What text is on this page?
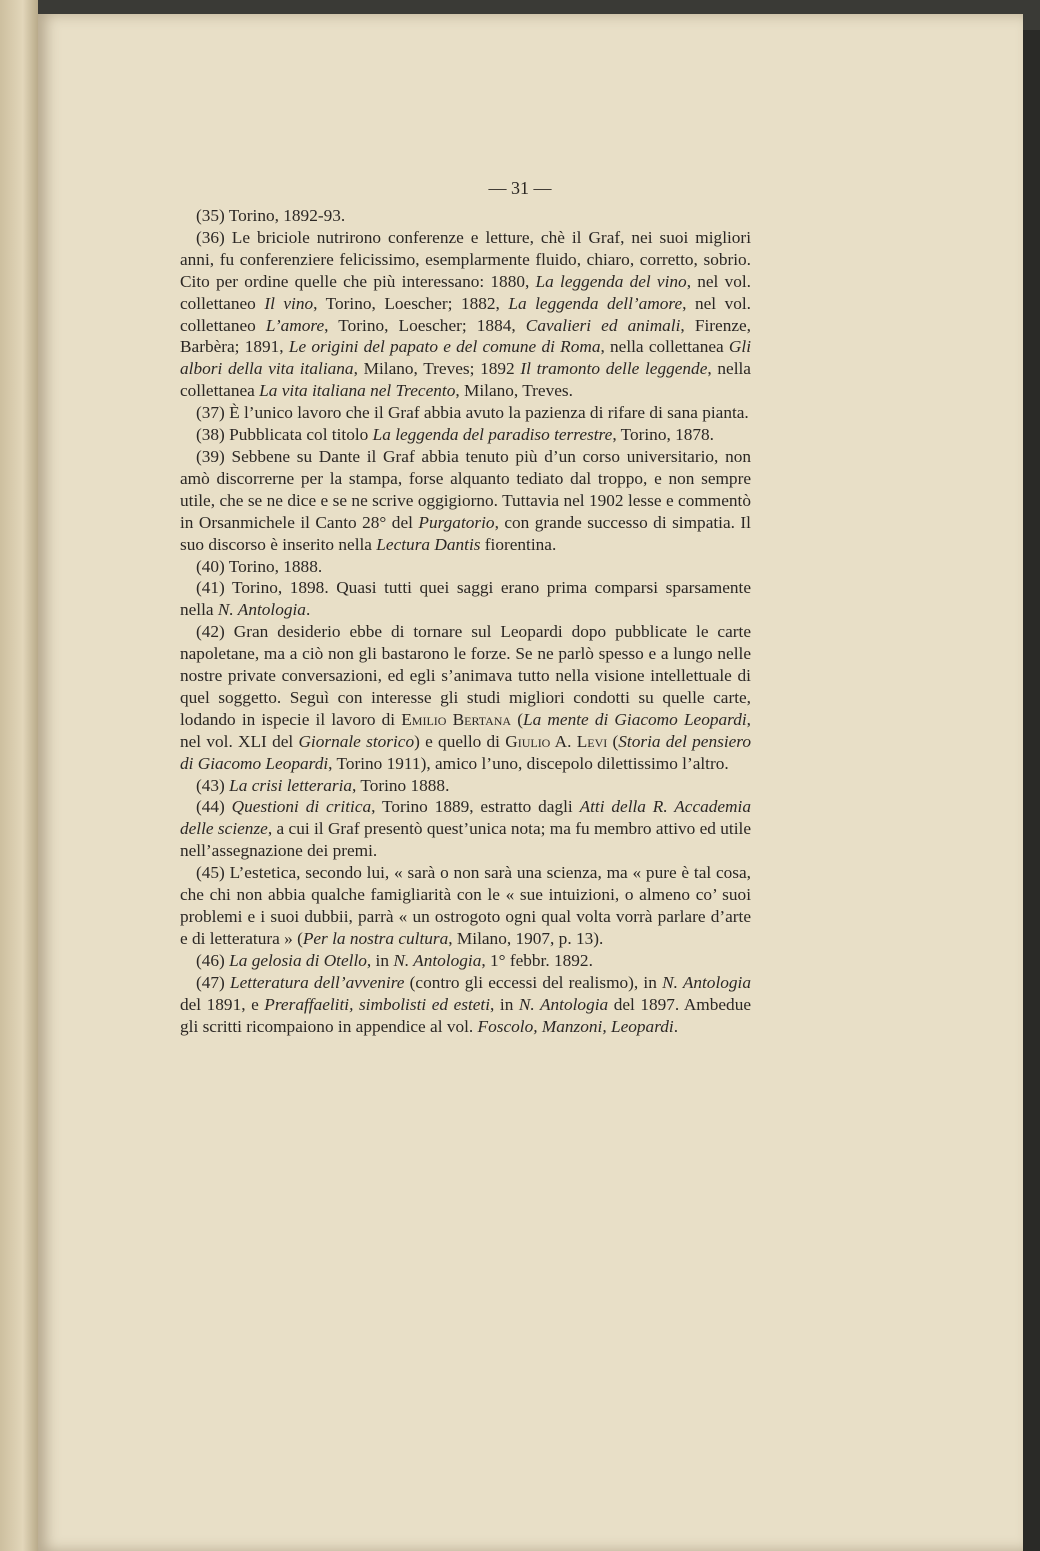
— 31 —

(35) Torino, 1892-93.

(36) Le briciole nutrirono conferenze e letture, chè il Graf, nei suoi migliori anni, fu conferenziere felicissimo, esemplarmente fluido, chiaro, corretto, sobrio. Cito per ordine quelle che più interessano: 1880, La leggenda del vino, nel vol. collettaneo Il vino, Torino, Loescher; 1882, La leggenda dell’amore, nel vol. collettaneo L’amore, Torino, Loescher; 1884, Cavalieri ed animali, Firenze, Barbèra; 1891, Le origini del papato e del comune di Roma, nella collettanea Gli albori della vita italiana, Milano, Treves; 1892 Il tramonto delle leggende, nella collettanea La vita italiana nel Trecento, Milano, Treves.

(37) È l’unico lavoro che il Graf abbia avuto la pazienza di rifare di sana pianta.

(38) Pubblicata col titolo La leggenda del paradiso terrestre, Torino, 1878.

(39) Sebbene su Dante il Graf abbia tenuto più d’un corso universitario, non amò discorrerne per la stampa, forse alquanto tediato dal troppo, e non sempre utile, che se ne dice e se ne scrive oggigiorno. Tuttavia nel 1902 lesse e commentò in Orsanmichele il Canto 28° del Purgatorio, con grande successo di simpatia. Il suo discorso è inserito nella Lectura Dantis fiorentina.

(40) Torino, 1888.

(41) Torino, 1898. Quasi tutti quei saggi erano prima comparsi sparsamente nella N. Antologia.

(42) Gran desiderio ebbe di tornare sul Leopardi dopo pubblicate le carte napoletane, ma a ciò non gli bastarono le forze. Se ne parlò spesso e a lungo nelle nostre private conversazioni, ed egli s’animava tutto nella visione intellettuale di quel soggetto. Seguì con interesse gli studi migliori condotti su quelle carte, lodando in ispecie il lavoro di Emilio Bertana (La mente di Giacomo Leopardi, nel vol. XLI del Giornale storico) e quello di Giulio A. Levi (Storia del pensiero di Giacomo Leopardi, Torino 1911), amico l’uno, discepolo dilettissimo l’altro.

(43) La crisi letteraria, Torino 1888.

(44) Questioni di critica, Torino 1889, estratto dagli Atti della R. Accademia delle scienze, a cui il Graf presentò quest’unica nota; ma fu membro attivo ed utile nell’assegnazione dei premi.

(45) L’estetica, secondo lui, « sarà o non sarà una scienza, ma « pure è tal cosa, che chi non abbia qualche famigliarità con le « sue intuizioni, o almeno co’ suoi problemi e i suoi dubbii, parrà « un ostrogoto ogni qual volta vorrà parlare d’arte e di letteratura » (Per la nostra cultura, Milano, 1907, p. 13).

(46) La gelosia di Otello, in N. Antologia, 1° febbr. 1892.

(47) Letteratura dell’avvenire (contro gli eccessi del realismo), in N. Antologia del 1891, e Preraffaeliti, simbolisti ed esteti, in N. Antologia del 1897. Ambedue gli scritti ricompaiono in appendice al vol. Foscolo, Manzoni, Leopardi.
